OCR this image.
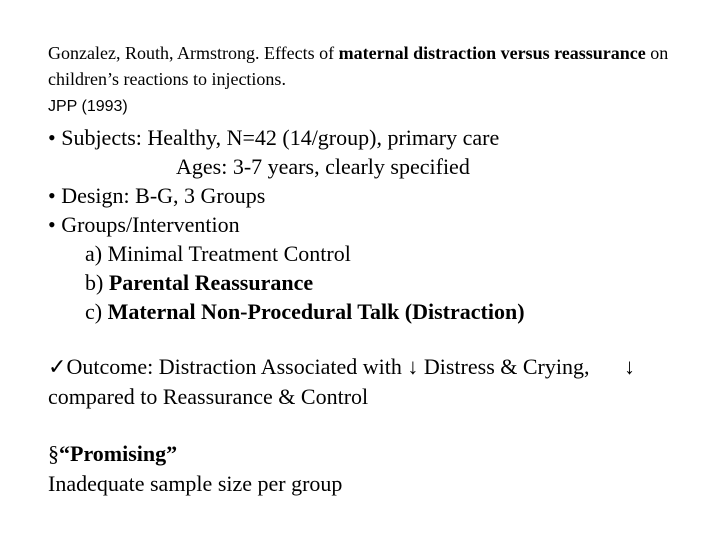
Gonzalez, Routh, Armstrong. Effects of maternal distraction versus reassurance on children’s reactions to injections.
JPP (1993)
• Subjects: Healthy, N=42 (14/group), primary care
Ages: 3-7 years, clearly specified
• Design: B-G, 3 Groups
• Groups/Intervention
a) Minimal Treatment Control
b) Parental Reassurance
c) Maternal Non-Procedural Talk (Distraction)
✓Outcome: Distraction Associated with ↓ Distress & Crying, compared to Reassurance & Control
↓
§“Promising”
Inadequate sample size per group
